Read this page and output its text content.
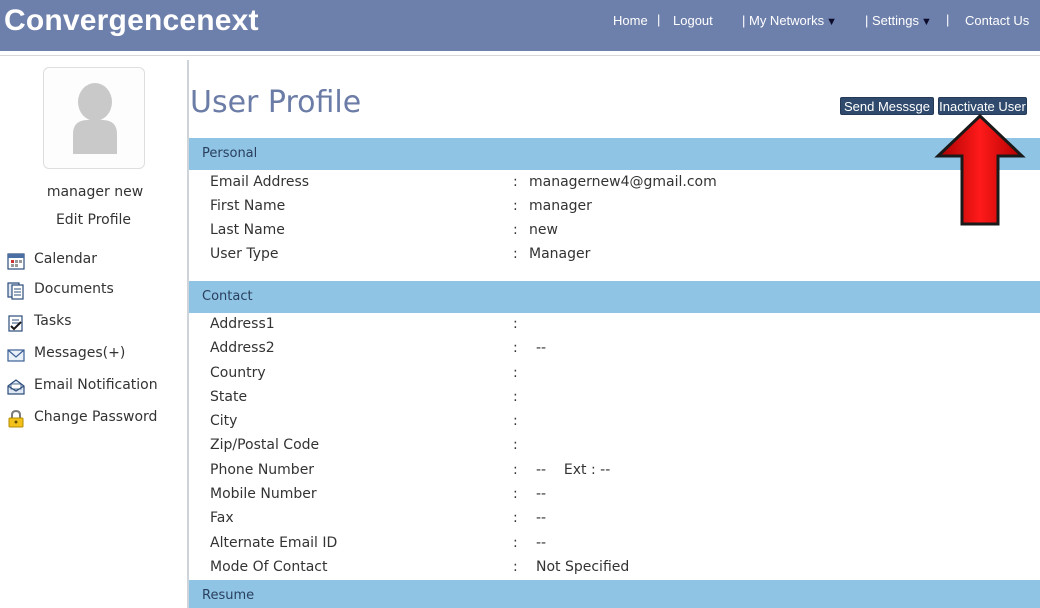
Convergencenext	Home | Logout | My Networks ▼ | Settings ▼ | Contact Us
manager new
Edit Profile
Calendar
Documents
Tasks
Messages(+)
Email Notification
Change Password
User Profile	Send Messsge Inactivate User
Personal
Email Address	: managernew4@gmail.com
First Name	: manager
Last Name	: new
User Type	: Manager
Contact
Address1	:
Address2	: --
Country	:
State	:
City	:
Zip/Postal Code	:
Phone Number	: --    Ext : --
Mobile Number	: --
Fax	: --
Alternate Email ID	: --
Mode Of Contact	: Not Specified
Resume
